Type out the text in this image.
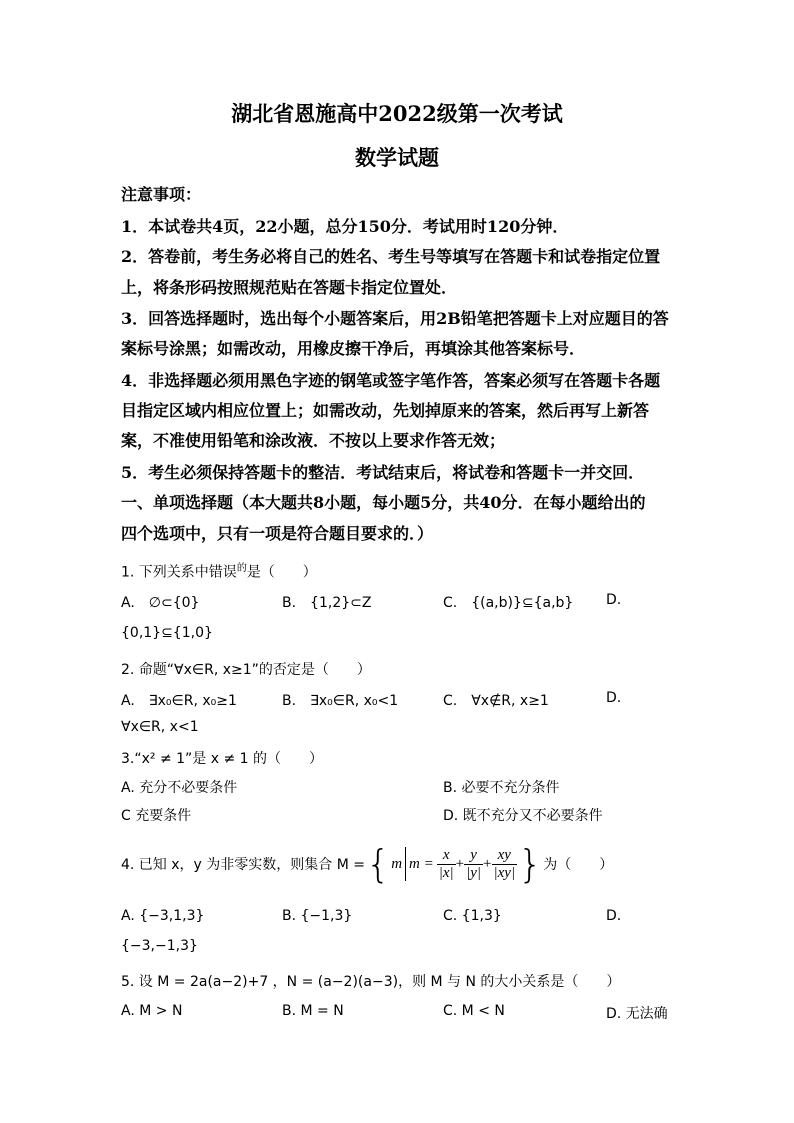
湖北省恩施高中2022级第一次考试
数学试题
注意事项：
1．本试卷共4页，22小题，总分150分．考试用时120分钟．
2．答卷前，考生务必将自己的姓名、考生号等填写在答题卡和试卷指定位置
上，将条形码按照规范贴在答题卡指定位置处．
3．回答选择题时，选出每个小题答案后，用2B铅笔把答题卡上对应题目的答
案标号涂黑；如需改动，用橡皮擦干净后，再填涂其他答案标号．
4．非选择题必须用黑色字迹的钢笔或签字笔作答，答案必须写在答题卡各题
目指定区域内相应位置上；如需改动，先划掉原来的答案，然后再写上新答
案，不准使用铅笔和涂改液．不按以上要求作答无效；
5．考生必须保持答题卡的整洁．考试结束后，将试卷和答题卡一并交回．
一、单项选择题（本大题共8小题，每小题5分，共40分．在每小题给出的
四个选项中，只有一项是符合题目要求的．）
1. 下列关系中错误$^的$是（　　）
A.　∅⊂{0}	B.　{1,2}⊂Z	C.　{(a,b)}⊆{a,b} D.
{0,1}⊆{1,0}
2. 命题“∀x∈R, x≥1”的否定是（　　）
A.　∃x₀∈R, x₀≥1	B.　∃x₀∈R, x₀<1	C.　∀x∉R, x≥1	D.
∀x∈R, x<1
3.“x² ≠ 1”是 x ≠ 1 的（　　）
A. 充分不必要条件	B. 必要不充分条件
C 充要条件	D. 既不充分又不必要条件
4. 已知 x，y 为非零实数，则集合 M = { m $m = \frac{x}{|x|} + \frac{y}{|y|} + \frac{xy}{|xy|}$ } 为（　　）
A. {−3,1,3}	B. {−1,3}	C. {1,3}	D.
{−3,−1,3}
5. 设 M = 2a(a−2)+7 ，N = (a−2)(a−3)，则 M 与 N 的大小关系是（　　）
A. M > N	B. M = N	C. M < N	D. 无法确
